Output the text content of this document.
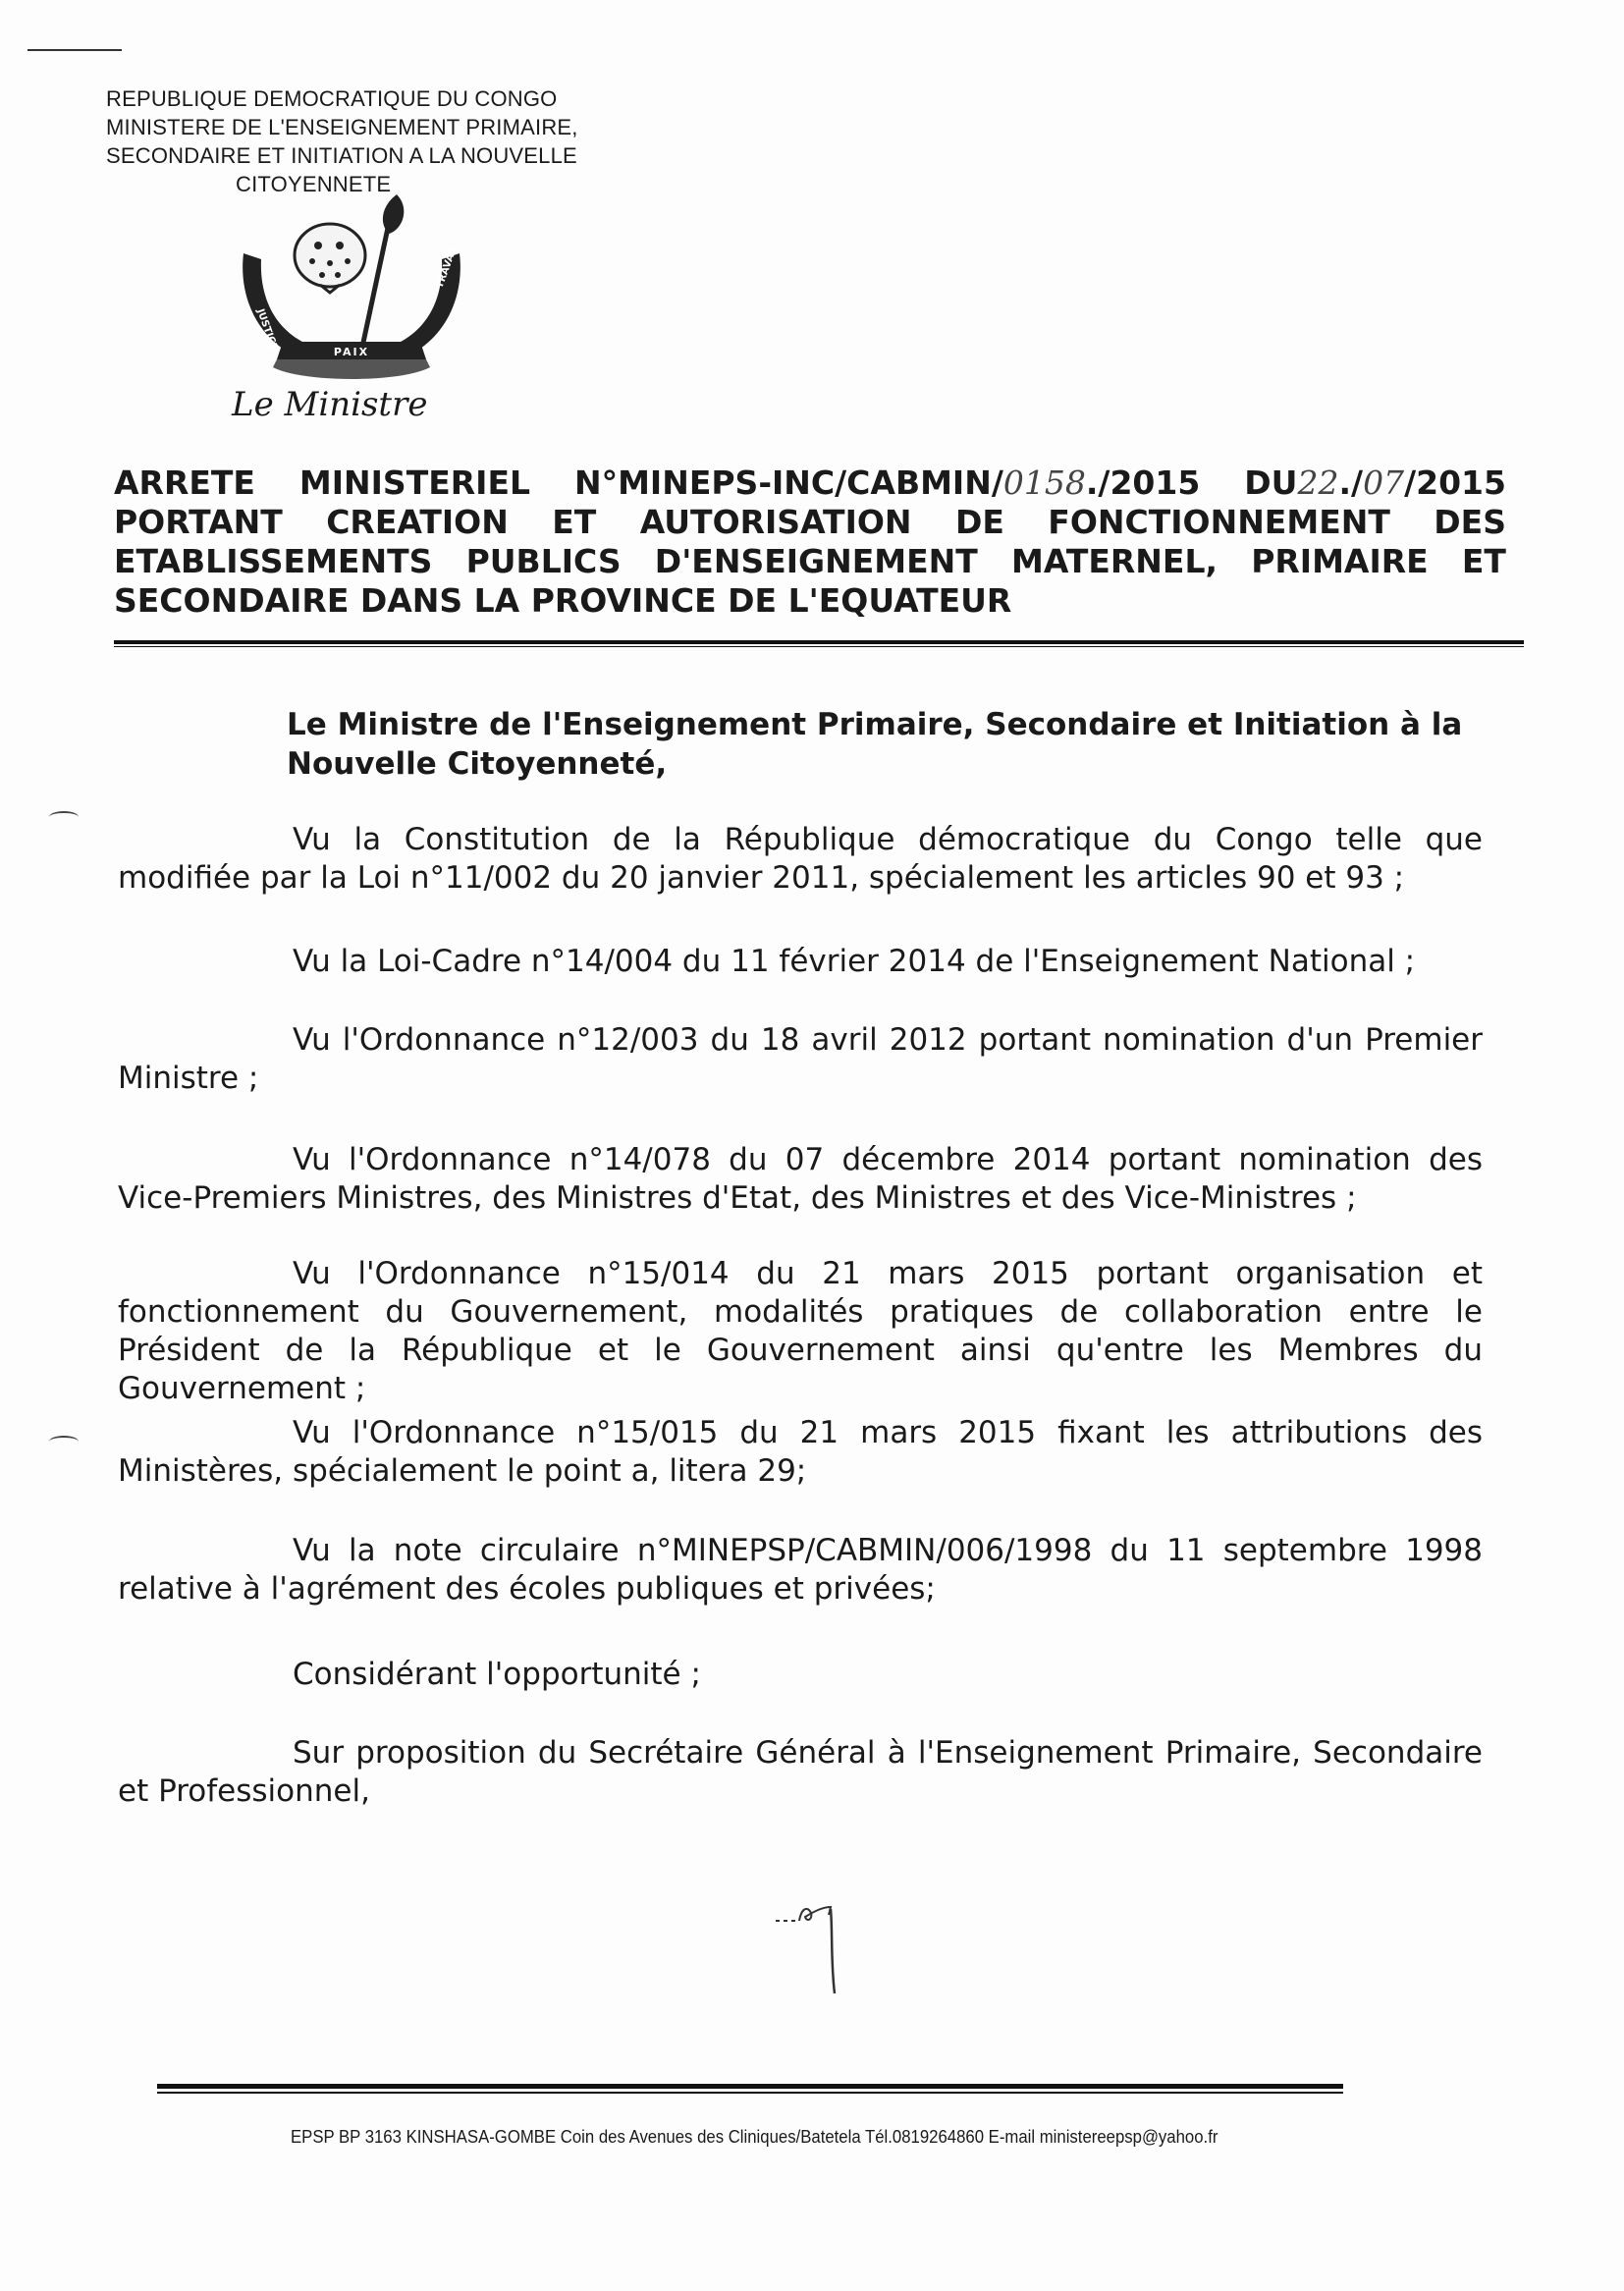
REPUBLIQUE DEMOCRATIQUE DU CONGO
MINISTERE DE L'ENSEIGNEMENT PRIMAIRE,
SECONDAIRE ET INITIATION A LA NOUVELLE
CITOYENNETE
PAIX
JUSTICE
TRAVAIL
Le Ministre
ARRETE MINISTERIEL N°MINEPS-INC/CABMIN/0158./2015 DU22./07/2015
PORTANT CREATION ET AUTORISATION DE FONCTIONNEMENT DES
ETABLISSEMENTS PUBLICS D'ENSEIGNEMENT MATERNEL, PRIMAIRE ET
SECONDAIRE DANS LA PROVINCE DE L'EQUATEUR
Le Ministre de l'Enseignement Primaire, Secondaire et Initiation à la Nouvelle Citoyenneté,
Vu la Constitution de la République démocratique du Congo telle que modifiée par la Loi n°11/002 du 20 janvier 2011, spécialement les articles 90 et 93 ;
Vu la Loi-Cadre n°14/004 du 11 février 2014 de l'Enseignement National ;
Vu l'Ordonnance n°12/003 du 18 avril 2012 portant nomination d'un Premier Ministre ;
Vu l'Ordonnance n°14/078 du 07 décembre 2014 portant nomination des Vice-Premiers Ministres, des Ministres d'Etat, des Ministres et des Vice-Ministres ;
Vu l'Ordonnance n°15/014 du 21 mars 2015 portant organisation et fonctionnement du Gouvernement, modalités pratiques de collaboration entre le Président de la République et le Gouvernement ainsi qu'entre les Membres du Gouvernement ;
Vu l'Ordonnance n°15/015 du 21 mars 2015 fixant les attributions des Ministères, spécialement le point a, litera 29;
Vu la note circulaire n°MINEPSP/CABMIN/006/1998 du 11 septembre 1998 relative à l'agrément des écoles publiques et privées;
Considérant l'opportunité ;
Sur proposition du Secrétaire Général à l'Enseignement Primaire, Secondaire et Professionnel,
EPSP BP 3163 KINSHASA-GOMBE Coin des Avenues des Cliniques/Batetela Tél.0819264860 E-mail ministereepsp@yahoo.fr
